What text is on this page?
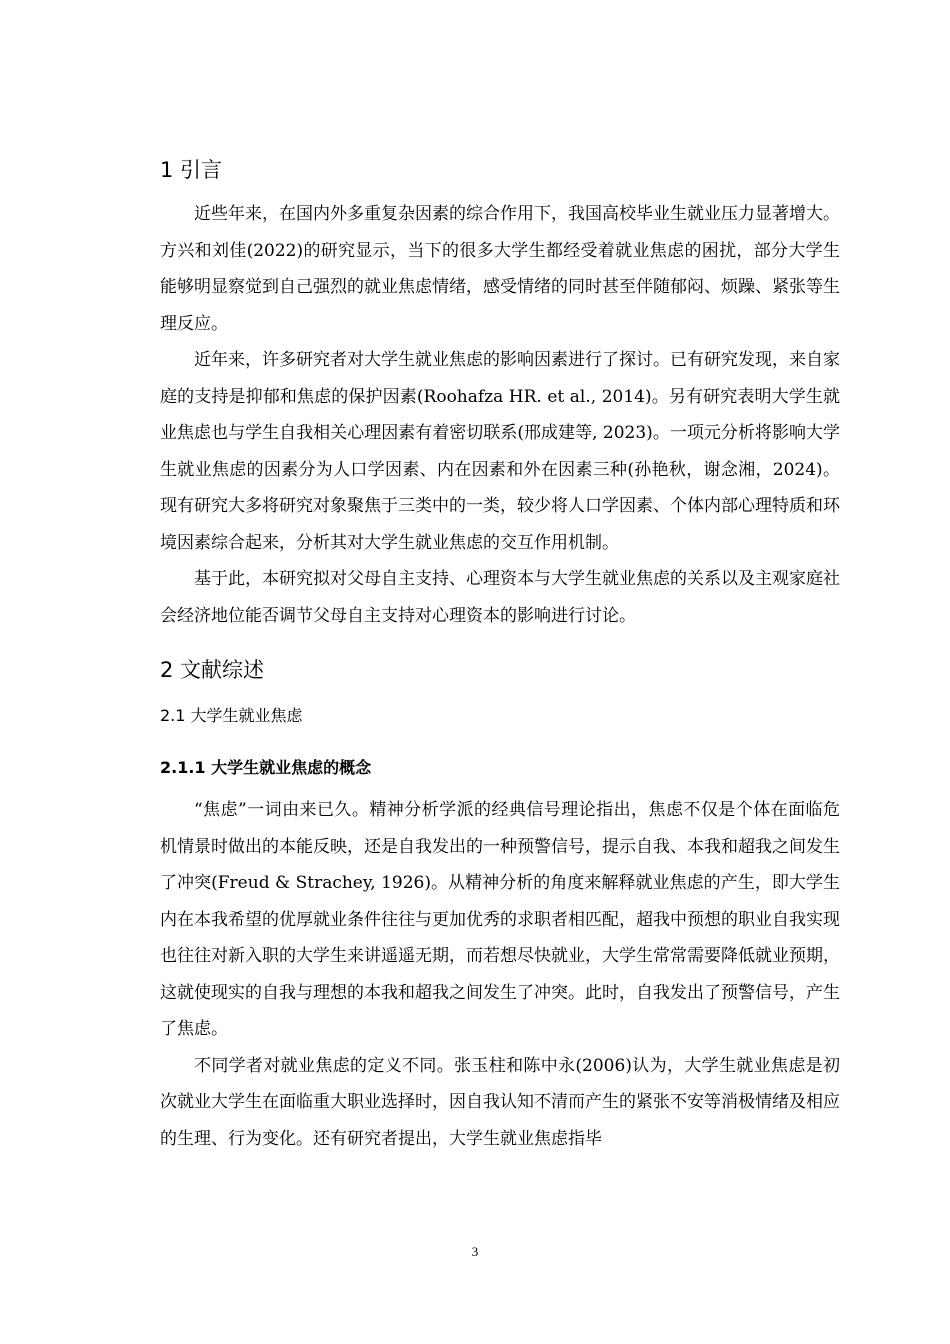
1 引言

近些年来，在国内外多重复杂因素的综合作用下，我国高校毕业生就业压力显著增大。方兴和刘佳(2022)的研究显示，当下的很多大学生都经受着就业焦虑的困扰，部分大学生能够明显察觉到自己强烈的就业焦虑情绪，感受情绪的同时甚至伴随郁闷、烦躁、紧张等生理反应。

近年来，许多研究者对大学生就业焦虑的影响因素进行了探讨。已有研究发现，来自家庭的支持是抑郁和焦虑的保护因素(Roohafza HR. et al., 2014)。另有研究表明大学生就业焦虑也与学生自我相关心理因素有着密切联系(邢成建等, 2023)。一项元分析将影响大学生就业焦虑的因素分为人口学因素、内在因素和外在因素三种(孙艳秋，谢念湘，2024)。现有研究大多将研究对象聚焦于三类中的一类，较少将人口学因素、个体内部心理特质和环境因素综合起来，分析其对大学生就业焦虑的交互作用机制。

基于此，本研究拟对父母自主支持、心理资本与大学生就业焦虑的关系以及主观家庭社会经济地位能否调节父母自主支持对心理资本的影响进行讨论。

2 文献综述
2.1 大学生就业焦虑
2.1.1 大学生就业焦虑的概念

“焦虑”一词由来已久。精神分析学派的经典信号理论指出，焦虑不仅是个体在面临危机情景时做出的本能反映，还是自我发出的一种预警信号，提示自我、本我和超我之间发生了冲突(Freud & Strachey, 1926)。从精神分析的角度来解释就业焦虑的产生，即大学生内在本我希望的优厚就业条件往往与更加优秀的求职者相匹配，超我中预想的职业自我实现也往往对新入职的大学生来讲遥遥无期，而若想尽快就业，大学生常常需要降低就业预期，这就使现实的自我与理想的本我和超我之间发生了冲突。此时，自我发出了预警信号，产生了焦虑。

不同学者对就业焦虑的定义不同。张玉柱和陈中永(2006)认为，大学生就业焦虑是初次就业大学生在面临重大职业选择时，因自我认知不清而产生的紧张不安等消极情绪及相应的生理、行为变化。还有研究者提出，大学生就业焦虑指毕

3
